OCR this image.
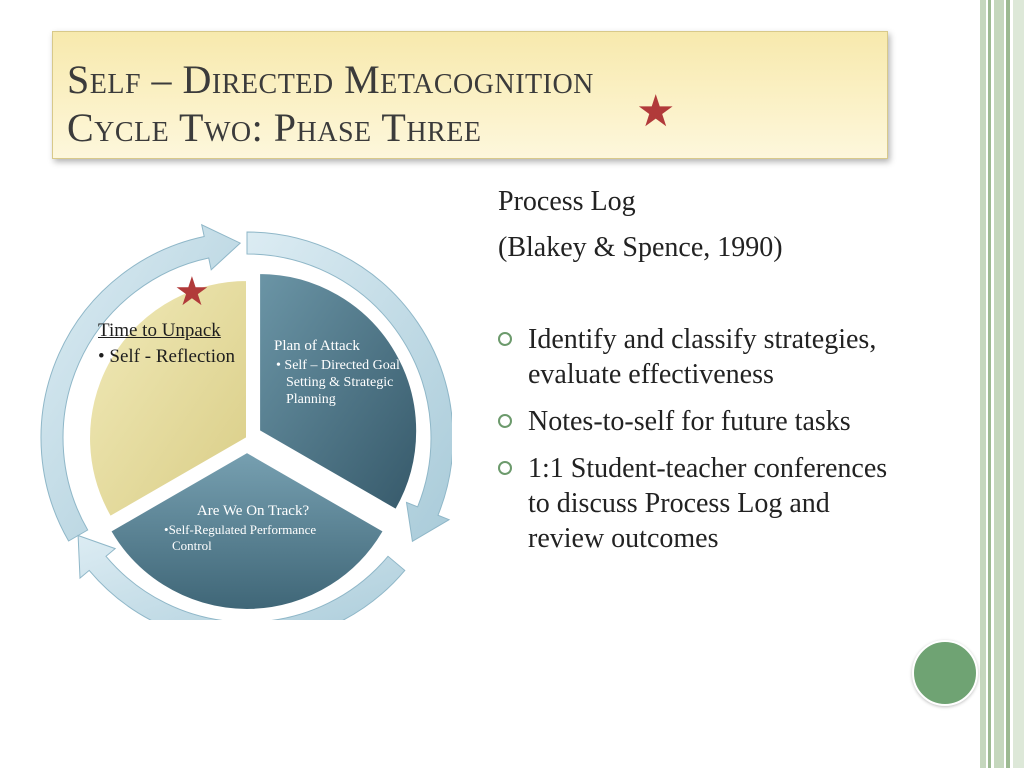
Self – Directed Metacognition
Cycle Two: Phase Three	★
★
Time to Unpack
• Self - Reflection	Plan of Attack
• Self – Directed Goal Setting & Strategic Planning
Are We On Track?
•Self-Regulated Performance Control
Process Log
(Blakey & Spence, 1990)
Identify and classify strategies, evaluate effectiveness
Notes-to-self for future tasks
1:1 Student-teacher conferences to discuss Process Log and review outcomes
